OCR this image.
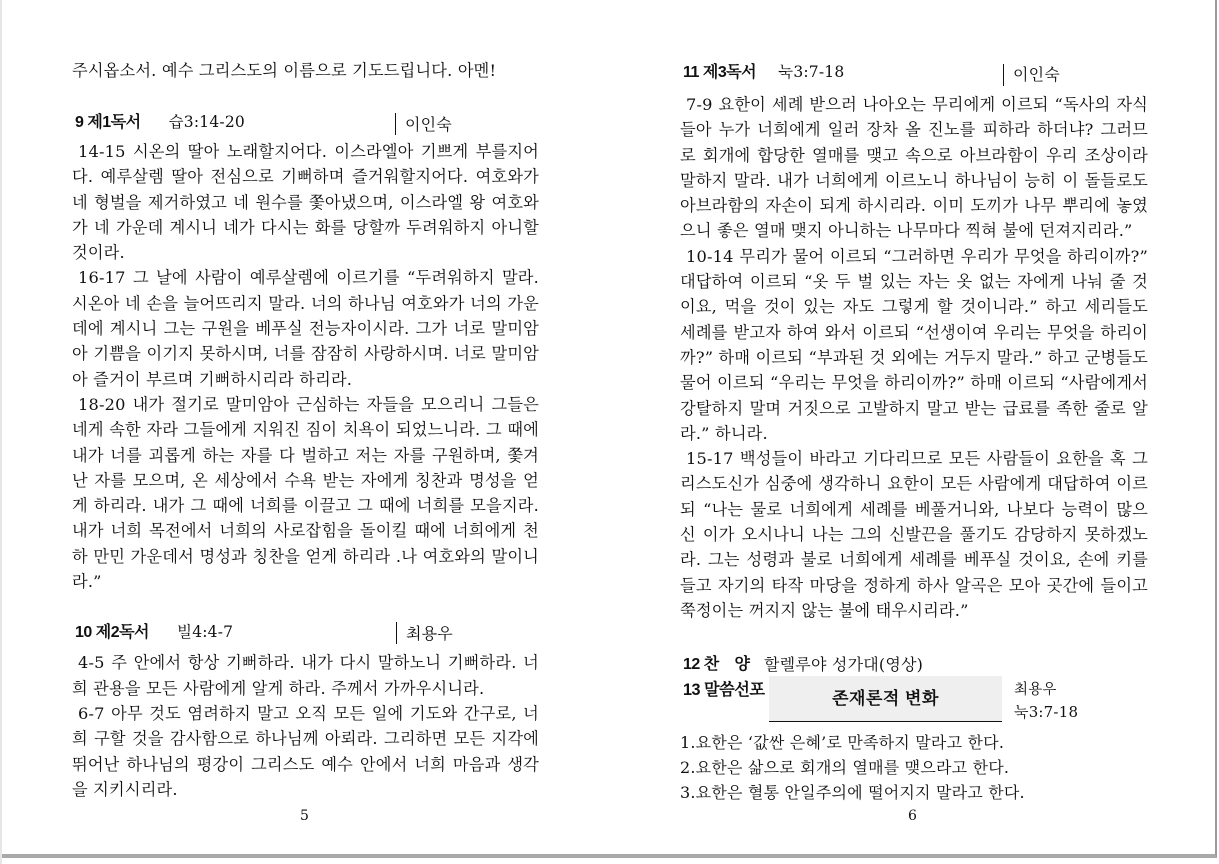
주시옵소서. 예수 그리스도의 이름으로 기도드립니다. 아멘!
9 제1독서 습3:14-20	이인숙

14-15 시온의 딸아 노래할지어다. 이스라엘아 기쁘게 부를지어다. 예루살렘 딸아 전심으로 기뻐하며 즐거워할지어다. 여호와가 네 형벌을 제거하였고 네 원수를 쫓아냈으며, 이스라엘 왕 여호와가 네 가운데 계시니 네가 다시는 화를 당할까 두려워하지 아니할 것이라.

16-17 그 날에 사람이 예루살렘에 이르기를 “두려워하지 말라. 시온아 네 손을 늘어뜨리지 말라. 너의 하나님 여호와가 너의 가운데에 계시니 그는 구원을 베푸실 전능자이시라. 그가 너로 말미암아 기쁨을 이기지 못하시며, 너를 잠잠히 사랑하시며. 너로 말미암아 즐거이 부르며 기뻐하시리라 하리라.

18-20 내가 절기로 말미암아 근심하는 자들을 모으리니 그들은 네게 속한 자라 그들에게 지워진 짐이 치욕이 되었느니라. 그 때에 내가 너를 괴롭게 하는 자를 다 벌하고 저는 자를 구원하며, 쫓겨난 자를 모으며, 온 세상에서 수욕 받는 자에게 칭찬과 명성을 얻게 하리라. 내가 그 때에 너희를 이끌고 그 때에 너희를 모을지라. 내가 너희 목전에서 너희의 사로잡힘을 돌이킬 때에 너희에게 천하 만민 가운데서 명성과 칭찬을 얻게 하리라 .나 여호와의 말이니라.”

10 제2독서 빌4:4-7	최용우

4-5 주 안에서 항상 기뻐하라. 내가 다시 말하노니 기뻐하라. 너희 관용을 모든 사람에게 알게 하라. 주께서 가까우시니라.

6-7 아무 것도 염려하지 말고 오직 모든 일에 기도와 간구로, 너희 구할 것을 감사함으로 하나님께 아뢰라. 그리하면 모든 지각에 뛰어난 하나님의 평강이 그리스도 예수 안에서 너희 마음과 생각을 지키시리라.

5
11 제3독서 눅3:7-18	이인숙

7-9 요한이 세례 받으러 나아오는 무리에게 이르되 “독사의 자식들아 누가 너희에게 일러 장차 올 진노를 피하라 하더냐? 그러므로 회개에 합당한 열매를 맺고 속으로 아브라함이 우리 조상이라 말하지 말라. 내가 너희에게 이르노니 하나님이 능히 이 돌들로도 아브라함의 자손이 되게 하시리라. 이미 도끼가 나무 뿌리에 놓였으니 좋은 열매 맺지 아니하는 나무마다 찍혀 불에 던져지리라.”

10-14 무리가 물어 이르되 “그러하면 우리가 무엇을 하리이까?” 대답하여 이르되 “옷 두 벌 있는 자는 옷 없는 자에게 나눠 줄 것이요, 먹을 것이 있는 자도 그렇게 할 것이니라.” 하고 세리들도 세례를 받고자 하여 와서 이르되 “선생이여 우리는 무엇을 하리이까?” 하매 이르되 “부과된 것 외에는 거두지 말라.” 하고 군병들도 물어 이르되 “우리는 무엇을 하리이까?” 하매 이르되 “사람에게서 강탈하지 말며 거짓으로 고발하지 말고 받는 급료를 족한 줄로 알라.” 하니라.

15-17 백성들이 바라고 기다리므로 모든 사람들이 요한을 혹 그리스도신가 심중에 생각하니 요한이 모든 사람에게 대답하여 이르되 “나는 물로 너희에게 세례를 베풀거니와, 나보다 능력이 많으신 이가 오시나니 나는 그의 신발끈을 풀기도 감당하지 못하겠노라. 그는 성령과 불로 너희에게 세례를 베푸실 것이요, 손에 키를 들고 자기의 타작 마당을 정하게 하사 알곡은 모아 곳간에 들이고 쭉정이는 꺼지지 않는 불에 태우시리라.”

12 찬    양 할렐루야 성가대(영상)
13 말씀선포	존재론적 변화	최용우
눅3:7-18
1.요한은 ‘값싼 은혜’로 만족하지 말라고 한다.
2.요한은 삶으로 회개의 열매를 맺으라고 한다.
3.요한은 혈통 안일주의에 떨어지지 말라고 한다.
6
